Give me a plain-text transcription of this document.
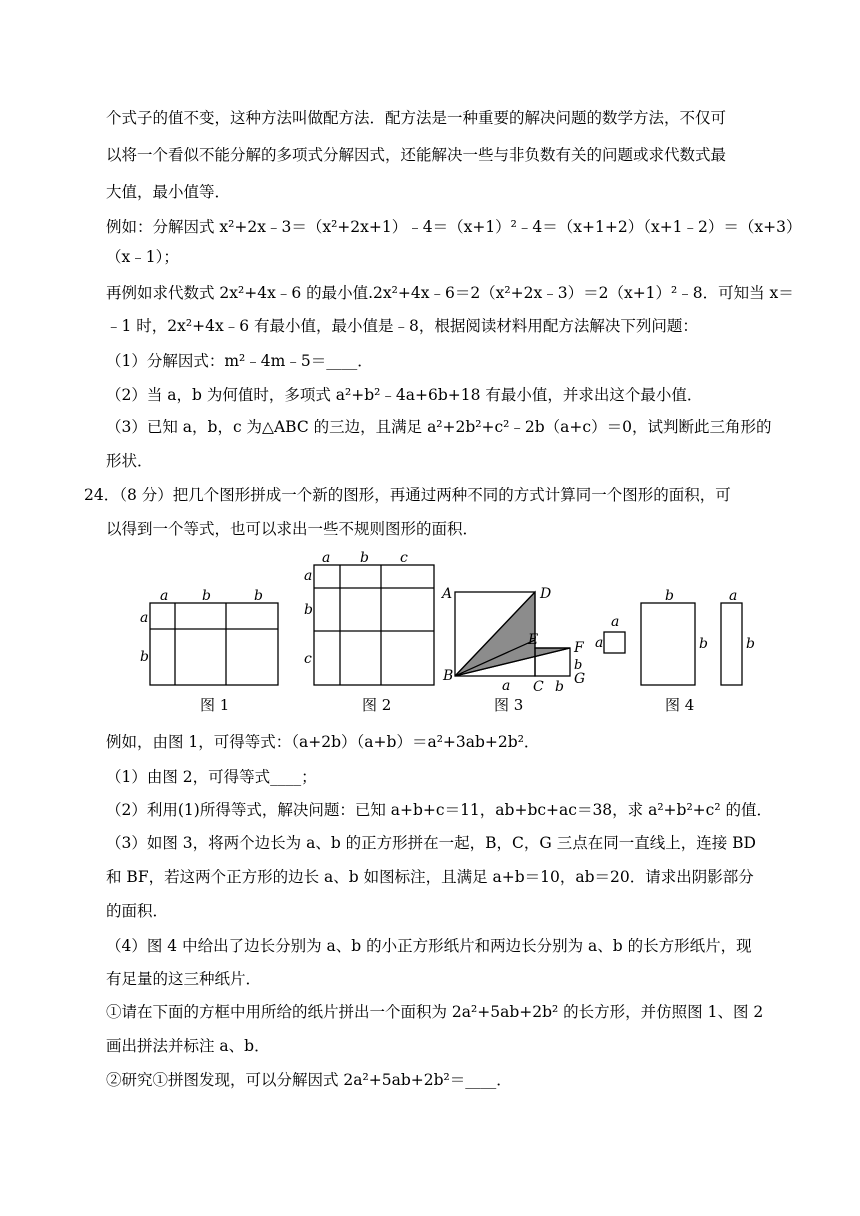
个式子的值不变，这种方法叫做配方法．配方法是一种重要的解决问题的数学方法，不仅可
以将一个看似不能分解的多项式分解因式，还能解决一些与非负数有关的问题或求代数式最
大值，最小值等．
例如：分解因式 x²+2x﹣3＝（x²+2x+1）﹣4＝（x+1）²﹣4＝（x+1+2）（x+1﹣2）＝（x+3）
（x﹣1）；
再例如求代数式 2x²+4x﹣6 的最小值.2x²+4x﹣6＝2（x²+2x﹣3）＝2（x+1）²﹣8．可知当 x＝
﹣1 时，2x²+4x﹣6 有最小值，最小值是﹣8，根据阅读材料用配方法解决下列问题：
（1）分解因式：m²﹣4m﹣5＝____．
（2）当 a，b 为何值时，多项式 a²+b²﹣4a+6b+18 有最小值，并求出这个最小值．
（3）已知 a，b，c 为△ABC 的三边，且满足 a²+2b²+c²﹣2b（a+c）＝0，试判断此三角形的
形状．
24．（8 分）把几个图形拼成一个新的图形，再通过两种不同的方式计算同一个图形的面积，可
以得到一个等式，也可以求出一些不规则图形的面积．
a b	b
a
b
a b c
a
b
c
A	D
E	F
b
G
B
a C b
a
a
b
b
a
b
图 1	图 2	图 3	图 4
例如，由图 1，可得等式：（a+2b）（a+b）＝a²+3ab+2b²．
（1）由图 2，可得等式____；
（2）利用(1)所得等式，解决问题：已知 a+b+c＝11，ab+bc+ac＝38，求 a²+b²+c² 的值．
（3）如图 3，将两个边长为 a、b 的正方形拼在一起，B，C，G 三点在同一直线上，连接 BD
和 BF，若这两个正方形的边长 a、b 如图标注，且满足 a+b＝10，ab＝20．请求出阴影部分
的面积．
（4）图 4 中给出了边长分别为 a、b 的小正方形纸片和两边长分别为 a、b 的长方形纸片，现
有足量的这三种纸片．
①请在下面的方框中用所给的纸片拼出一个面积为 2a²+5ab+2b² 的长方形，并仿照图 1、图 2
画出拼法并标注 a、b．
②研究①拼图发现，可以分解因式 2a²+5ab+2b²＝____．
